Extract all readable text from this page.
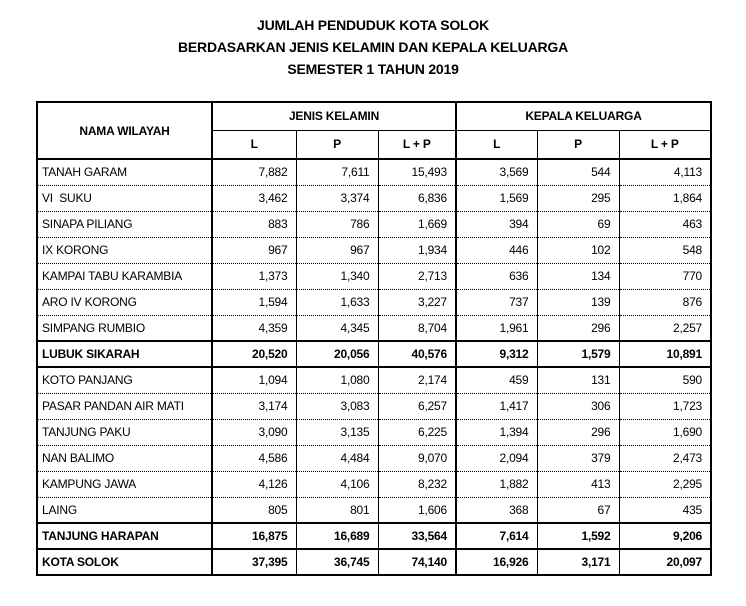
JUMLAH PENDUDUK KOTA SOLOK
BERDASARKAN JENIS KELAMIN DAN KEPALA KELUARGA
SEMESTER 1 TAHUN 2019
NAMA WILAYAH	JENIS KELAMIN			KEPALA KELUARGA		
	L	P	L + P	L	P	L + P
TANAH GARAM	7,882	7,611	15,493	3,569	544	4,113
VI  SUKU	3,462	3,374	6,836	1,569	295	1,864
SINAPA PILIANG	883	786	1,669	394	69	463
IX KORONG	967	967	1,934	446	102	548
KAMPAI TABU KARAMBIA	1,373	1,340	2,713	636	134	770
ARO IV KORONG	1,594	1,633	3,227	737	139	876
SIMPANG RUMBIO	4,359	4,345	8,704	1,961	296	2,257
LUBUK SIKARAH	20,520	20,056	40,576	9,312	1,579	10,891
KOTO PANJANG	1,094	1,080	2,174	459	131	590
PASAR PANDAN AIR MATI	3,174	3,083	6,257	1,417	306	1,723
TANJUNG PAKU	3,090	3,135	6,225	1,394	296	1,690
NAN BALIMO	4,586	4,484	9,070	2,094	379	2,473
KAMPUNG JAWA	4,126	4,106	8,232	1,882	413	2,295
LAING	805	801	1,606	368	67	435
TANJUNG HARAPAN	16,875	16,689	33,564	7,614	1,592	9,206
KOTA SOLOK	37,395	36,745	74,140	16,926	3,171	20,097
